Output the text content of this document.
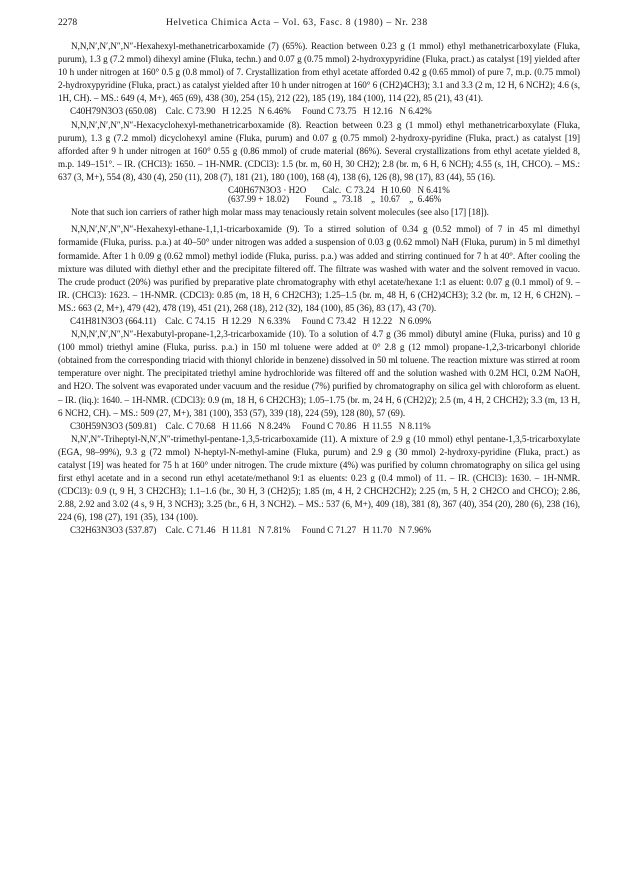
2278	Helvetica Chimica Acta – Vol. 63, Fasc. 8 (1980) – Nr. 238

N,N,N′,N′,N″,N″-Hexahexyl-methanetricarboxamide (7) (65%). Reaction between 0.23 g (1 mmol) ethyl methanetricarboxylate (Fluka, purum), 1.3 g (7.2 mmol) dihexyl amine (Fluka, techn.) and 0.07 g (0.75 mmol) 2-hydroxypyridine (Fluka, pract.) as catalyst [19] yielded after 10 h under nitrogen at 160° 0.5 g (0.8 mmol) of 7. Crystallization from ethyl acetate afforded 0.42 g (0.65 mmol) of pure 7, m.p. (0.75 mmol) 2-hydroxypyridine (Fluka, pract.) as catalyst yielded after 10 h under nitrogen at 160° 6 (CH2)4CH3); 3.1 and 3.3 (2 m, 12 H, 6 NCH2); 4.6 (s, 1H, CH). – MS.: 649 (4, M+), 465 (69), 438 (30), 254 (15), 212 (22), 185 (19), 184 (100), 114 (22), 85 (21), 43 (41).

C40H79N3O3 (650.08)    Calc. C 73.90   H 12.25   N 6.46%     Found C 73.75   H 12.16   N 6.42%

N,N,N′,N′,N″,N″-Hexacyclohexyl-methanetricarboxamide (8). Reaction between 0.23 g (1 mmol) ethyl methanetricarboxylate (Fluka, purum), 1.3 g (7.2 mmol) dicyclohexyl amine (Fluka, purum) and 0.07 g (0.75 mmol) 2-hydroxy-pyridine (Fluka, pract.) as catalyst [19] afforded after 9 h under nitrogen at 160° 0.55 g (0.86 mmol) of crude material (86%). Several crystallizations from ethyl acetate yielded 8, m.p. 149–151°. – IR. (CHCl3): 1650. – 1H-NMR. (CDCl3): 1.5 (br. m, 60 H, 30 CH2); 2.8 (br. m, 6 H, 6 NCH); 4.55 (s, 1H, CHCO). – MS.: 637 (3, M+), 554 (8), 430 (4), 250 (11), 208 (7), 181 (21), 180 (100), 168 (4), 138 (6), 126 (8), 98 (17), 83 (44), 55 (16).

C40H67N3O3 · H2O       Calc.  C 73.24   H 10.60   N 6.41%

(637.99 + 18.02)       Found  „  73.18    „  10.67    „  6.46%

Note that such ion carriers of rather high molar mass may tenaciously retain solvent molecules (see also [17] [18]).

N,N,N′,N′,N″,N″-Hexahexyl-ethane-1,1,1-tricarboxamide (9). To a stirred solution of 0.34 g (0.52 mmol) of 7 in 45 ml dimethyl formamide (Fluka, puriss. p.a.) at 40–50° under nitrogen was added a suspension of 0.03 g (0.62 mmol) NaH (Fluka, purum) in 5 ml dimethyl formamide. After 1 h 0.09 g (0.62 mmol) methyl iodide (Fluka, puriss. p.a.) was added and stirring continued for 7 h at 40°. After cooling the mixture was diluted with diethyl ether and the precipitate filtered off. The filtrate was washed with water and the solvent removed in vacuo. The crude product (20%) was purified by preparative plate chromatography with ethyl acetate/hexane 1:1 as eluent: 0.07 g (0.1 mmol) of 9. – IR. (CHCl3): 1623. – 1H-NMR. (CDCl3): 0.85 (m, 18 H, 6 CH2CH3); 1.25–1.5 (br. m, 48 H, 6 (CH2)4CH3); 3.2 (br. m, 12 H, 6 CH2N). – MS.: 663 (2, M+), 479 (42), 478 (19), 451 (21), 268 (18), 212 (32), 184 (100), 85 (36), 83 (17), 43 (70).

C41H81N3O3 (664.11)    Calc. C 74.15   H 12.29   N 6.33%     Found C 73.42   H 12.22   N 6.09%

N,N,N′,N′,N″,N″-Hexabutyl-propane-1,2,3-tricarboxamide (10). To a solution of 4.7 g (36 mmol) dibutyl amine (Fluka, puriss) and 10 g (100 mmol) triethyl amine (Fluka, puriss. p.a.) in 150 ml toluene were added at 0° 2.8 g (12 mmol) propane-1,2,3-tricarbonyl chloride (obtained from the corresponding triacid with thionyl chloride in benzene) dissolved in 50 ml toluene. The reaction mixture was stirred at room temperature over night. The precipitated triethyl amine hydrochloride was filtered off and the solution washed with 0.2M HCl, 0.2M NaOH, and H2O. The solvent was evaporated under vacuum and the residue (7%) purified by chromatography on silica gel with chloroform as eluent. – IR. (liq.): 1640. – 1H-NMR. (CDCl3): 0.9 (m, 18 H, 6 CH2CH3); 1.05–1.75 (br. m, 24 H, 6 (CH2)2); 2.5 (m, 4 H, 2 CHCH2); 3.3 (m, 13 H, 6 NCH2, CH). – MS.: 509 (27, M+), 381 (100), 353 (57), 339 (18), 224 (59), 128 (80), 57 (69).

C30H59N3O3 (509.81)    Calc. C 70.68   H 11.66   N 8.24%     Found C 70.86   H 11.55   N 8.11%

N,N′,N″-Triheptyl-N,N′,N″-trimethyl-pentane-1,3,5-tricarboxamide (11). A mixture of 2.9 g (10 mmol) ethyl pentane-1,3,5-tricarboxylate (EGA, 98–99%), 9.3 g (72 mmol) N-heptyl-N-methyl-amine (Fluka, purum) and 2.9 g (30 mmol) 2-hydroxy-pyridine (Fluka, pract.) as catalyst [19] was heated for 75 h at 160° under nitrogen. The crude mixture (4%) was purified by column chromatography on silica gel using first ethyl acetate and in a second run ethyl acetate/methanol 9:1 as eluents: 0.23 g (0.4 mmol) of 11. – IR. (CHCl3): 1630. – 1H-NMR. (CDCl3): 0.9 (t, 9 H, 3 CH2CH3); 1.1–1.6 (br., 30 H, 3 (CH2)5); 1.85 (m, 4 H, 2 CHCH2CH2); 2.25 (m, 5 H, 2 CH2CO and CHCO); 2.86, 2.88, 2.92 and 3.02 (4 s, 9 H, 3 NCH3); 3.25 (br., 6 H, 3 NCH2). – MS.: 537 (6, M+), 409 (18), 381 (8), 367 (40), 354 (20), 280 (6), 238 (16), 224 (6), 198 (27), 191 (35), 134 (100).

C32H63N3O3 (537.87)    Calc. C 71.46   H 11.81   N 7.81%     Found C 71.27   H 11.70   N 7.96%
